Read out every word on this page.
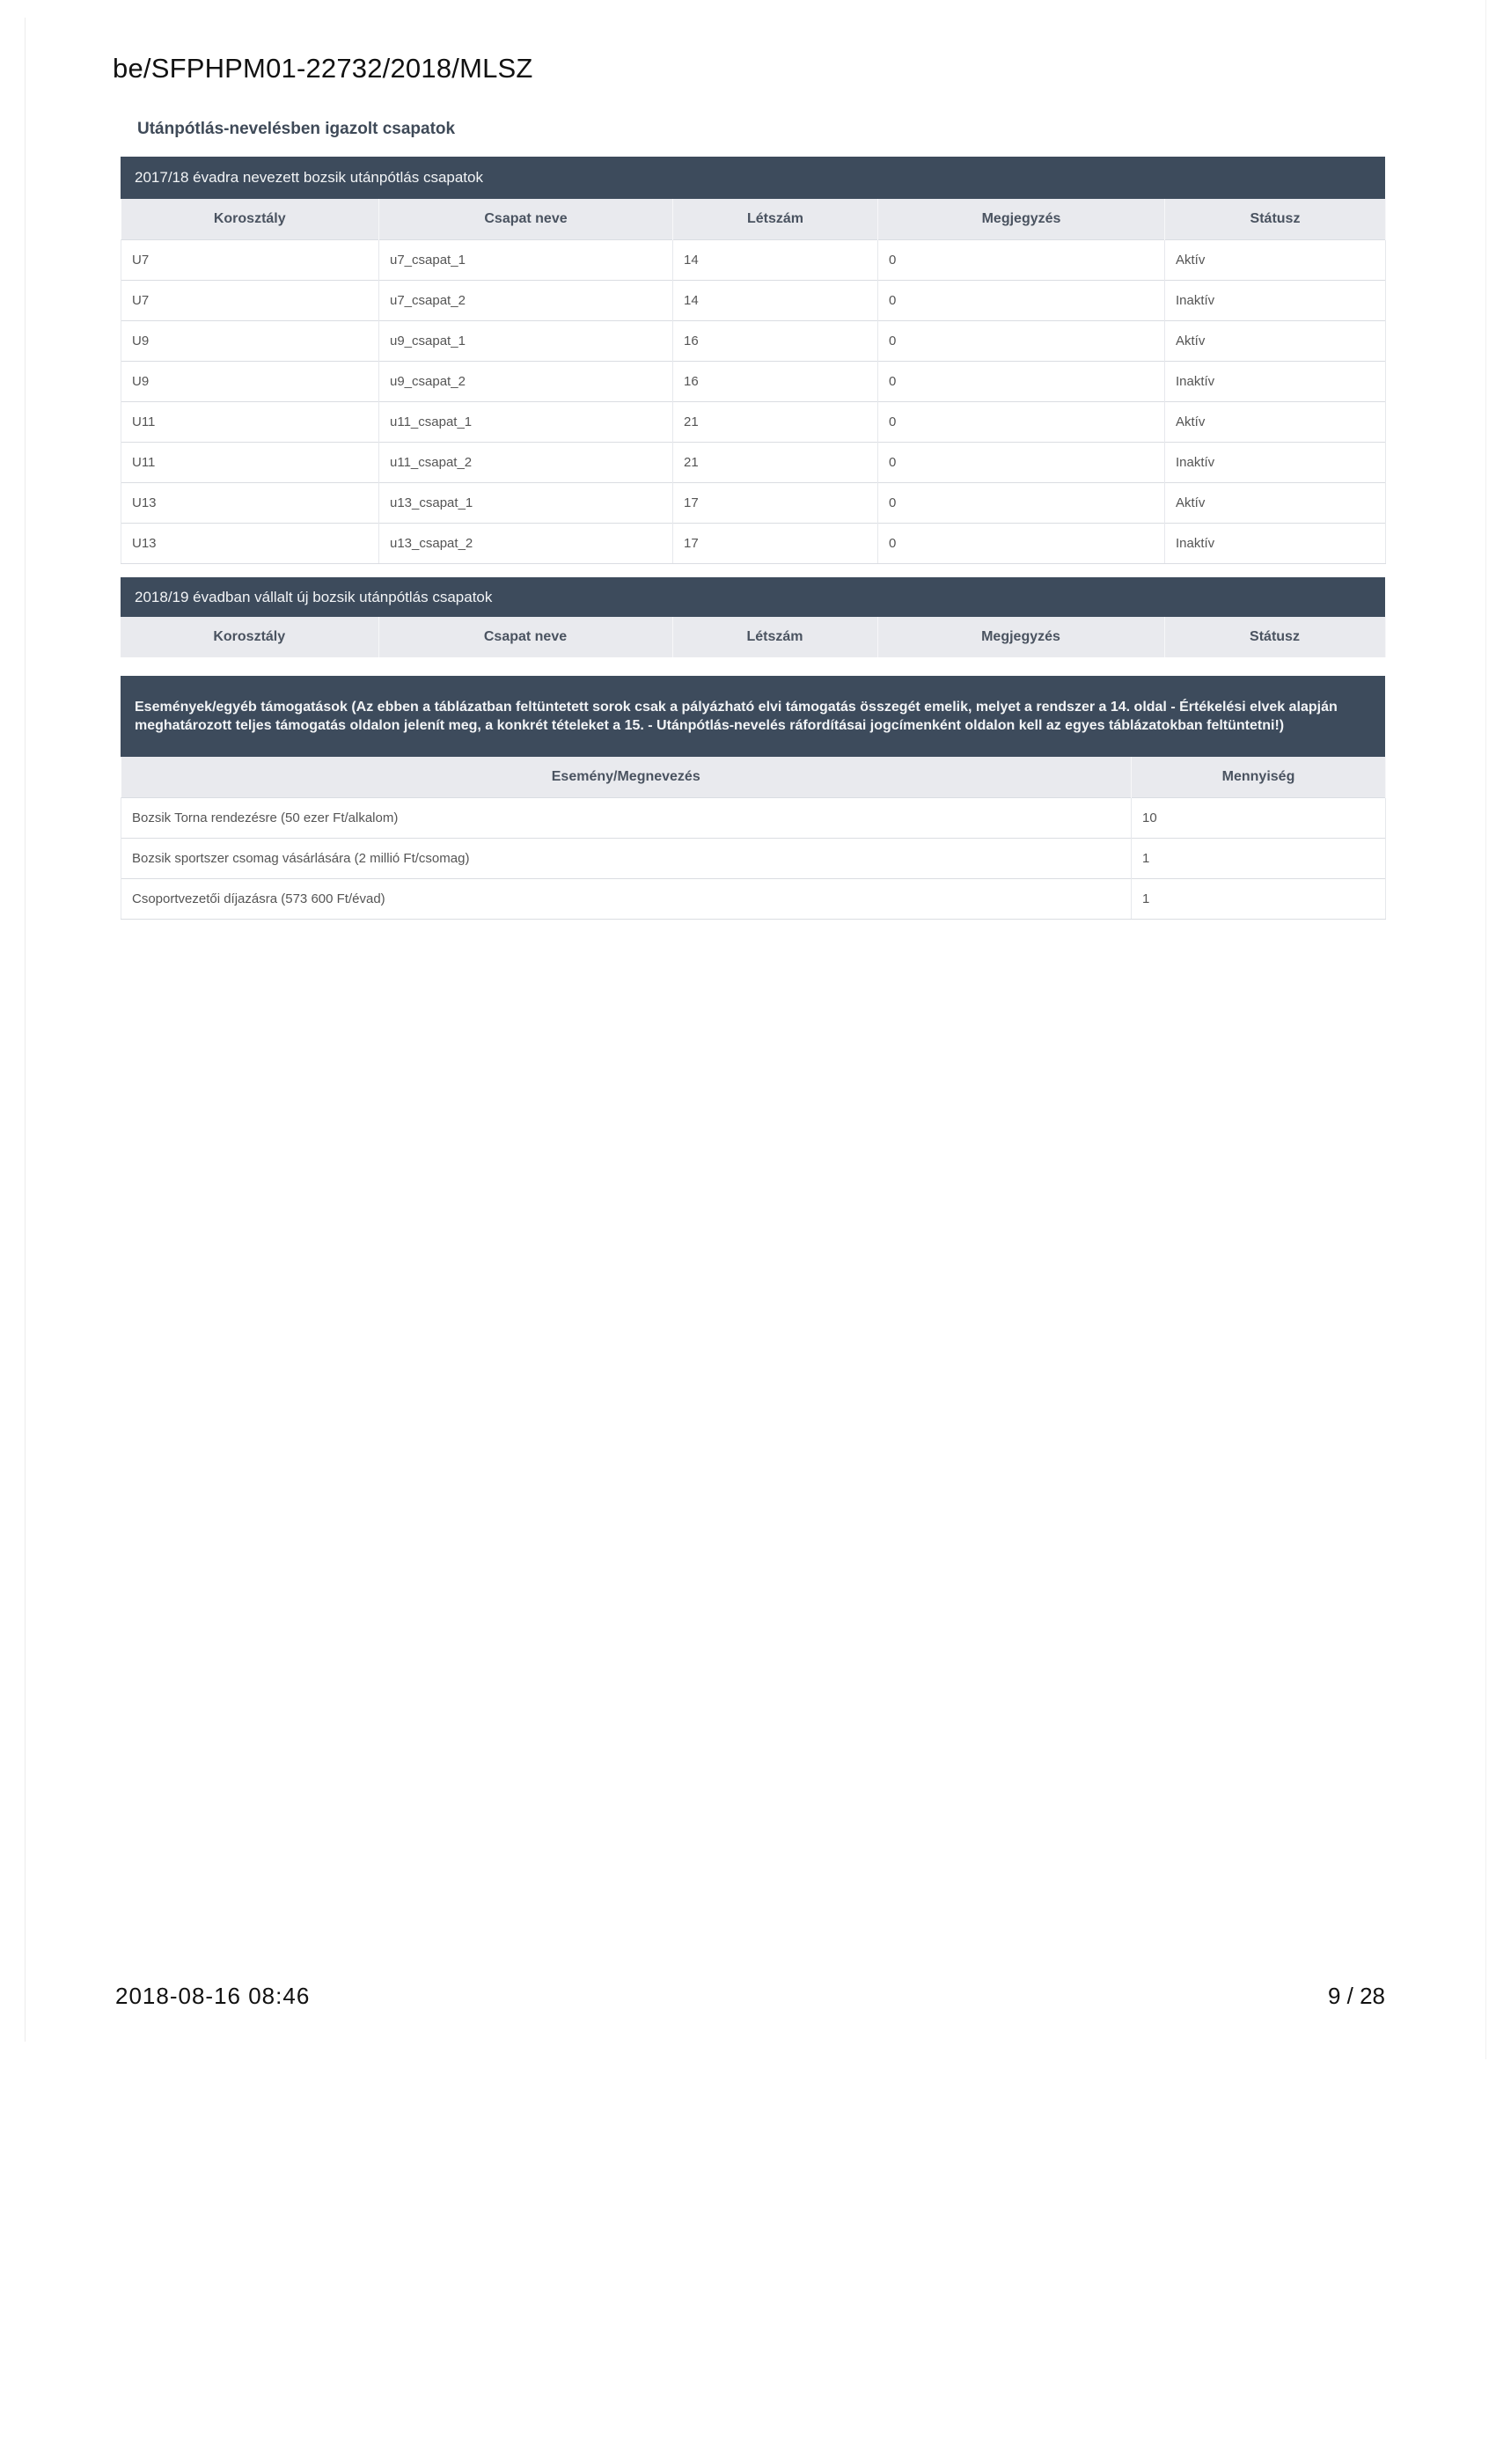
be/SFPHPM01-22732/2018/MLSZ
Utánpótlás-nevelésben igazolt csapatok
2017/18 évadra nevezett bozsik utánpótlás csapatok
Korosztály	Csapat neve	Létszám	Megjegyzés	Státusz
U7	u7_csapat_1	14	0	Aktív
U7	u7_csapat_2	14	0	Inaktív
U9	u9_csapat_1	16	0	Aktív
U9	u9_csapat_2	16	0	Inaktív
U11	u11_csapat_1	21	0	Aktív
U11	u11_csapat_2	21	0	Inaktív
U13	u13_csapat_1	17	0	Aktív
U13	u13_csapat_2	17	0	Inaktív
2018/19 évadban vállalt új bozsik utánpótlás csapatok
Korosztály	Csapat neve	Létszám	Megjegyzés	Státusz
Események/egyéb támogatások (Az ebben a táblázatban feltüntetett sorok csak a pályázható elvi támogatás összegét emelik, melyet a rendszer a 14. oldal - Értékelési elvek alapján meghatározott teljes támogatás oldalon jelenít meg, a konkrét tételeket a 15. - Utánpótlás-nevelés ráfordításai jogcímenként oldalon kell az egyes táblázatokban feltüntetni!)
Esemény/Megnevezés	Mennyiség
Bozsik Torna rendezésre (50 ezer Ft/alkalom)	10
Bozsik sportszer csomag vásárlására (2 millió Ft/csomag)	1
Csoportvezetői díjazásra (573 600 Ft/évad)	1
2018-08-16 08:46	9 / 28
